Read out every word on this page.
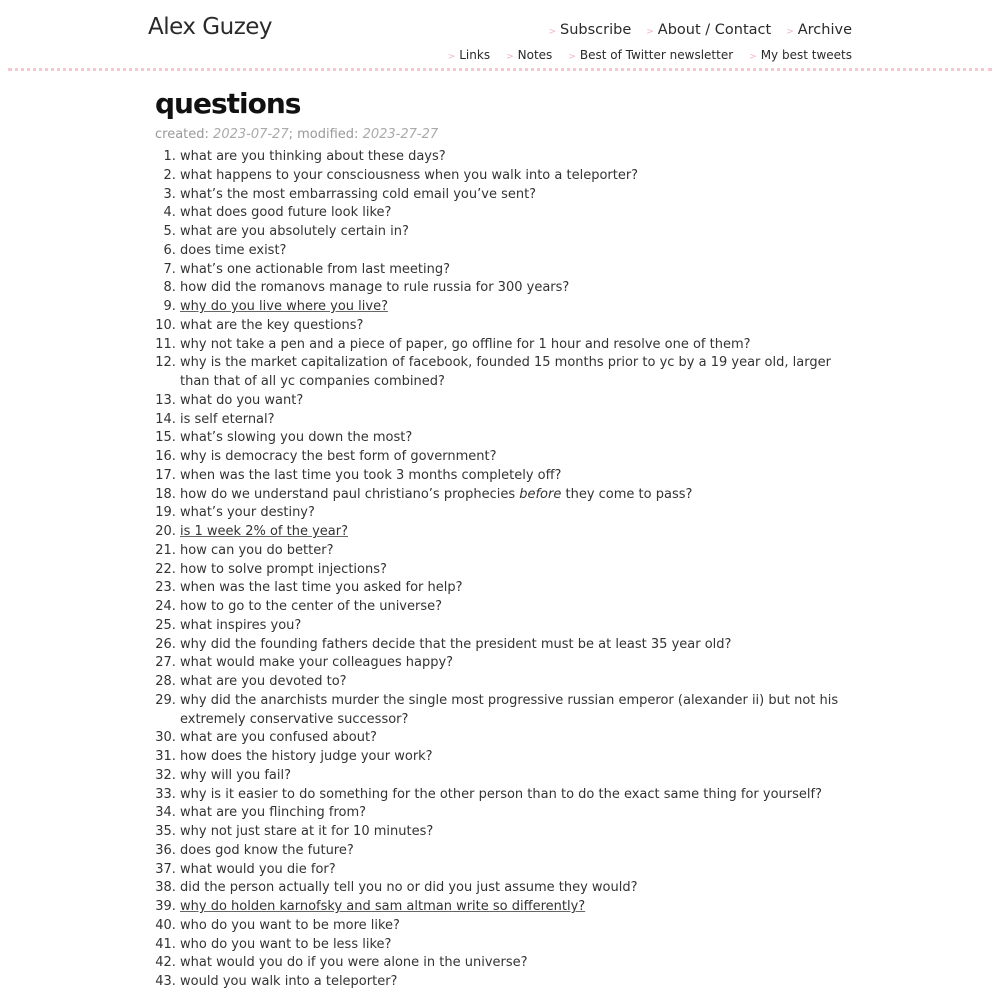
Alex Guzey	> Subscribe > About / Contact > Archive
> Links > Notes > Best of Twitter newsletter > My best tweets
questions
created: 2023-07-27; modified: 2023-27-27
1. what are you thinking about these days?
2. what happens to your consciousness when you walk into a teleporter?
3. what’s the most embarrassing cold email you’ve sent?
4. what does good future look like?
5. what are you absolutely certain in?
6. does time exist?
7. what’s one actionable from last meeting?
8. how did the romanovs manage to rule russia for 300 years?
9. why do you live where you live?
10. what are the key questions?
11. why not take a pen and a piece of paper, go offline for 1 hour and resolve one of them?
12. why is the market capitalization of facebook, founded 15 months prior to yc by a 19 year old, larger than that of all yc companies combined?
13. what do you want?
14. is self eternal?
15. what’s slowing you down the most?
16. why is democracy the best form of government?
17. when was the last time you took 3 months completely off?
18. how do we understand paul christiano’s prophecies before they come to pass?
19. what’s your destiny?
20. is 1 week 2% of the year?
21. how can you do better?
22. how to solve prompt injections?
23. when was the last time you asked for help?
24. how to go to the center of the universe?
25. what inspires you?
26. why did the founding fathers decide that the president must be at least 35 year old?
27. what would make your colleagues happy?
28. what are you devoted to?
29. why did the anarchists murder the single most progressive russian emperor (alexander ii) but not his extremely conservative successor?
30. what are you confused about?
31. how does the history judge your work?
32. why will you fail?
33. why is it easier to do something for the other person than to do the exact same thing for yourself?
34. what are you flinching from?
35. why not just stare at it for 10 minutes?
36. does god know the future?
37. what would you die for?
38. did the person actually tell you no or did you just assume they would?
39. why do holden karnofsky and sam altman write so differently?
40. who do you want to be more like?
41. who do you want to be less like?
42. what would you do if you were alone in the universe?
43. would you walk into a teleporter?
